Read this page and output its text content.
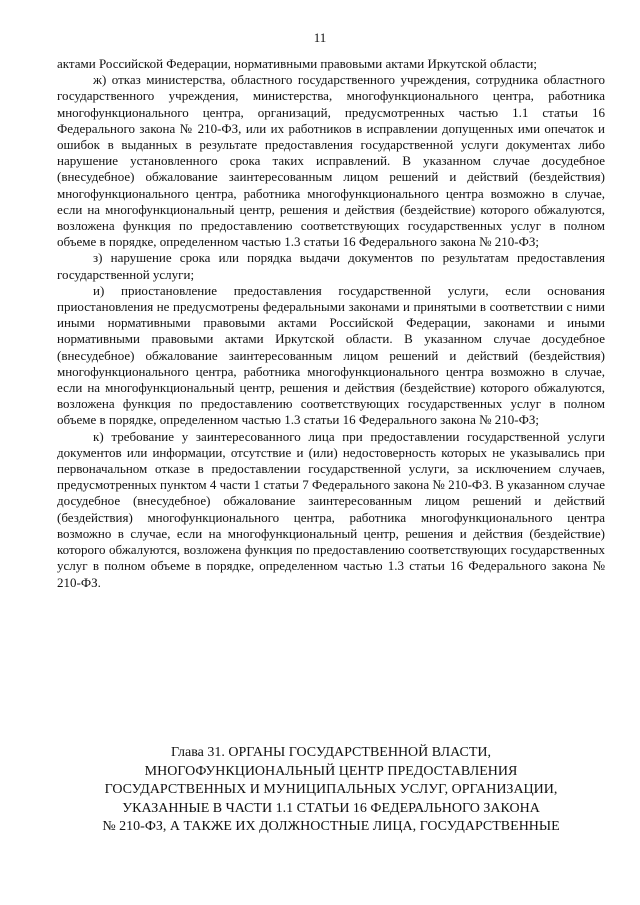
11

актами Российской Федерации, нормативными правовыми актами Иркутской области;

ж) отказ министерства, областного государственного учреждения, сотрудника областного государственного учреждения, министерства, многофункционального центра, работника многофункционального центра, организаций, предусмотренных частью 1.1 статьи 16 Федерального закона № 210-ФЗ, или их работников в исправлении допущенных ими опечаток и ошибок в выданных в результате предоставления государственной услуги документах либо нарушение установленного срока таких исправлений. В указанном случае досудебное (внесудебное) обжалование заинтересованным лицом решений и действий (бездействия) многофункционального центра, работника многофункционального центра возможно в случае, если на многофункциональный центр, решения и действия (бездействие) которого обжалуются, возложена функция по предоставлению соответствующих государственных услуг в полном объеме в порядке, определенном частью 1.3 статьи 16 Федерального закона № 210-ФЗ;

з) нарушение срока или порядка выдачи документов по результатам предоставления государственной услуги;

и) приостановление предоставления государственной услуги, если основания приостановления не предусмотрены федеральными законами и принятыми в соответствии с ними иными нормативными правовыми актами Российской Федерации, законами и иными нормативными правовыми актами Иркутской области. В указанном случае досудебное (внесудебное) обжалование заинтересованным лицом решений и действий (бездействия) многофункционального центра, работника многофункционального центра возможно в случае, если на многофункциональный центр, решения и действия (бездействие) которого обжалуются, возложена функция по предоставлению соответствующих государственных услуг в полном объеме в порядке, определенном частью 1.3 статьи 16 Федерального закона № 210-ФЗ;

к) требование у заинтересованного лица при предоставлении государственной услуги документов или информации, отсутствие и (или) недостоверность которых не указывались при первоначальном отказе в предоставлении государственной услуги, за исключением случаев, предусмотренных пунктом 4 части 1 статьи 7 Федерального закона № 210-ФЗ. В указанном случае досудебное (внесудебное) обжалование заинтересованным лицом решений и действий (бездействия) многофункционального центра, работника многофункционального центра возможно в случае, если на многофункциональный центр, решения и действия (бездействие) которого обжалуются, возложена функция по предоставлению соответствующих государственных услуг в полном объеме в порядке, определенном частью 1.3 статьи 16 Федерального закона № 210-ФЗ.

Глава 31. ОРГАНЫ ГОСУДАРСТВЕННОЙ ВЛАСТИ,
МНОГОФУНКЦИОНАЛЬНЫЙ ЦЕНТР ПРЕДОСТАВЛЕНИЯ
ГОСУДАРСТВЕННЫХ И МУНИЦИПАЛЬНЫХ УСЛУГ, ОРГАНИЗАЦИИ,
УКАЗАННЫЕ В ЧАСТИ 1.1 СТАТЬИ 16 ФЕДЕРАЛЬНОГО ЗАКОНА
№ 210-ФЗ, А ТАКЖЕ ИХ ДОЛЖНОСТНЫЕ ЛИЦА, ГОСУДАРСТВЕННЫЕ
